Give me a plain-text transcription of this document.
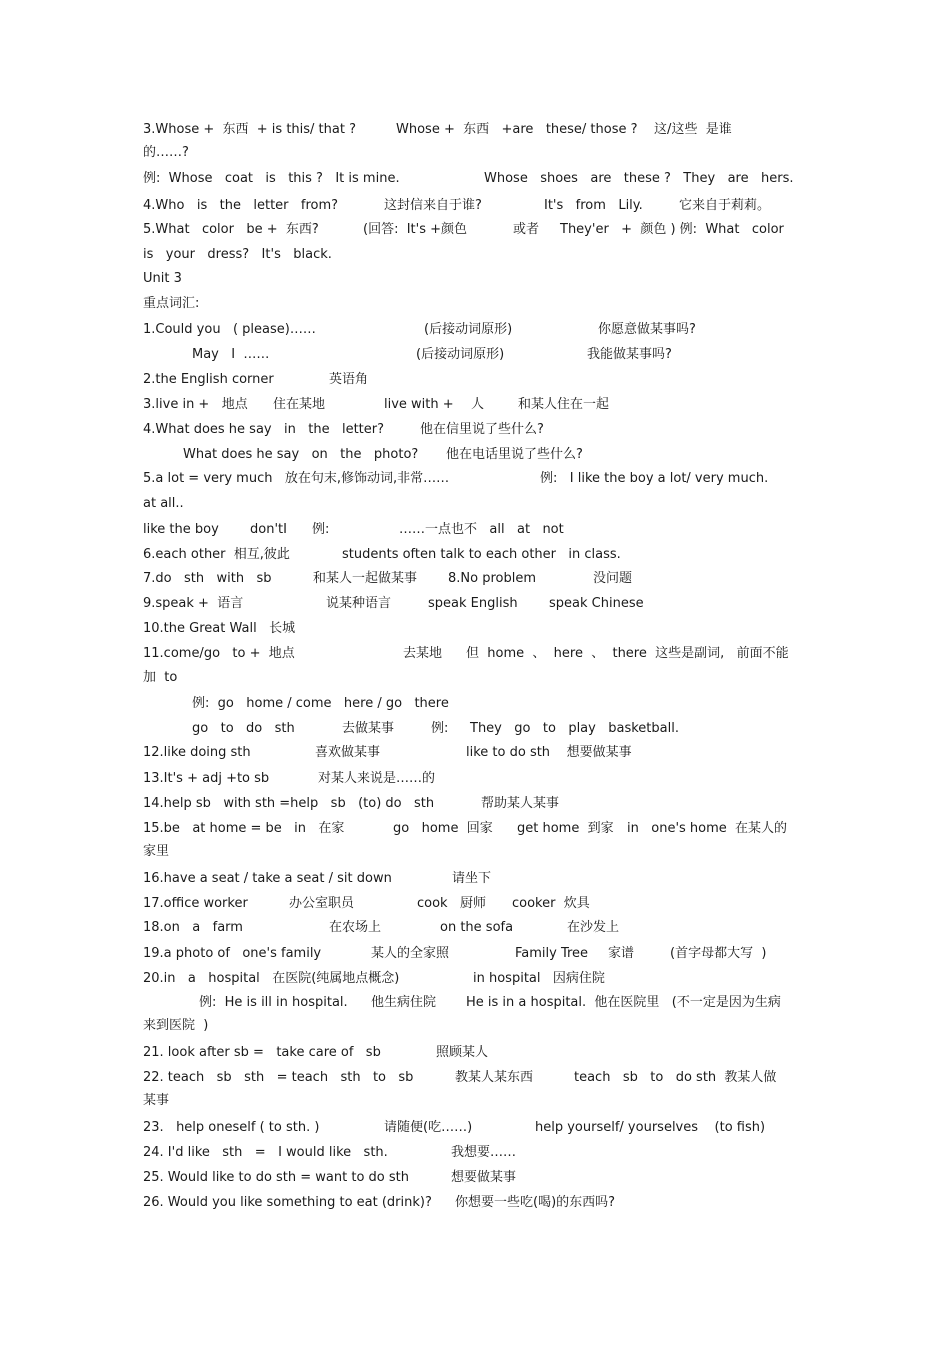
3.Whose +  东西  + is this/ that ?

	Whose +  东西   +are   these/ those ?    这/这些  是谁

的……?

例:  Whose   coat   is   this ?   It is mine.

	Whose   shoes   are   these ?   They   are   hers.

4.Who   is   the   letter   from?

	这封信来自于谁?

	It's   from   Lily.

	它来自于莉莉。

5.What   color   be +  东西?

	(回答:  It's +颜色

	或者

They'er   +  颜色 ) 例:  What   color

is   your   dress?   It's   black.

Unit 3

重点词汇:

1.Could you   ( please)……

	(后接动词原形)

	你愿意做某事吗?

May   I  ……

	(后接动词原形)

	我能做某事吗?

2.the English corner

	英语角

3.live in +   地点

住在某地

	live with +

人

	和某人住在一起

4.What does he say   in   the   letter?

	他在信里说了些什么?

What does he say   on   the   photo?

他在电话里说了些什么?

5.a lot = very much   放在句末,修饰动词,非常……

	例:   I like the boy a lot/ very much.

at all..

like the boy

don'tI

例:

	……一点也不   all   at   not

6.each other  相互,彼此

	students often talk to each other   in class.

7.do   sth   with   sb

	和某人一起做某事

8.No problem

	没问题

9.speak +  语言

	说某种语言

	speak English

speak Chinese

10.the Great Wall   长城

11.come/go   to +  地点

	去某地

但  home  、  here  、  there  这些是副词,   前面不能

加  to

例:  go   home / come   here / go   there

go   to   do   sth

	去做某事

	例:

They   go   to   play   basketball.

12.like doing sth

	喜欢做某事

	like to do sth    想要做某事

13.It's + adj +to sb

	对某人来说是……的

14.help sb   with sth =help   sb   (to) do   sth

	帮助某人某事

15.be   at home = be   in   在家

	go   home  回家

get home  到家

in   one's home  在某人的

家里

16.have a seat / take a seat / sit down

	请坐下

17.office worker

	办公室职员

	cook   厨师

cooker  炊具

18.on   a   farm

	在农场上

	on the sofa

	在沙发上

19.a photo of   one's family

	某人的全家照

	Family Tree

家谱

	(首字母都大写  )

20.in   a   hospital   在医院(纯属地点概念)

	in hospital   因病住院

例:  He is ill in hospital.

他生病住院

He is in a hospital.  他在医院里   (不一定是因为生病

来到医院  )

21. look after sb =   take care of   sb

	照顾某人

22. teach   sb   sth   = teach   sth   to   sb

	教某人某东西

	teach   sb   to   do sth  教某人做

某事

23.   help oneself ( to sth. )

	请随便(吃……)

	help yourself/ yourselves    (to fish)

24. I'd like   sth   =   I would like   sth.

	我想要……

25. Would like to do sth = want to do sth

	想要做某事

26. Would you like something to eat (drink)?

你想要一些吃(喝)的东西吗?
